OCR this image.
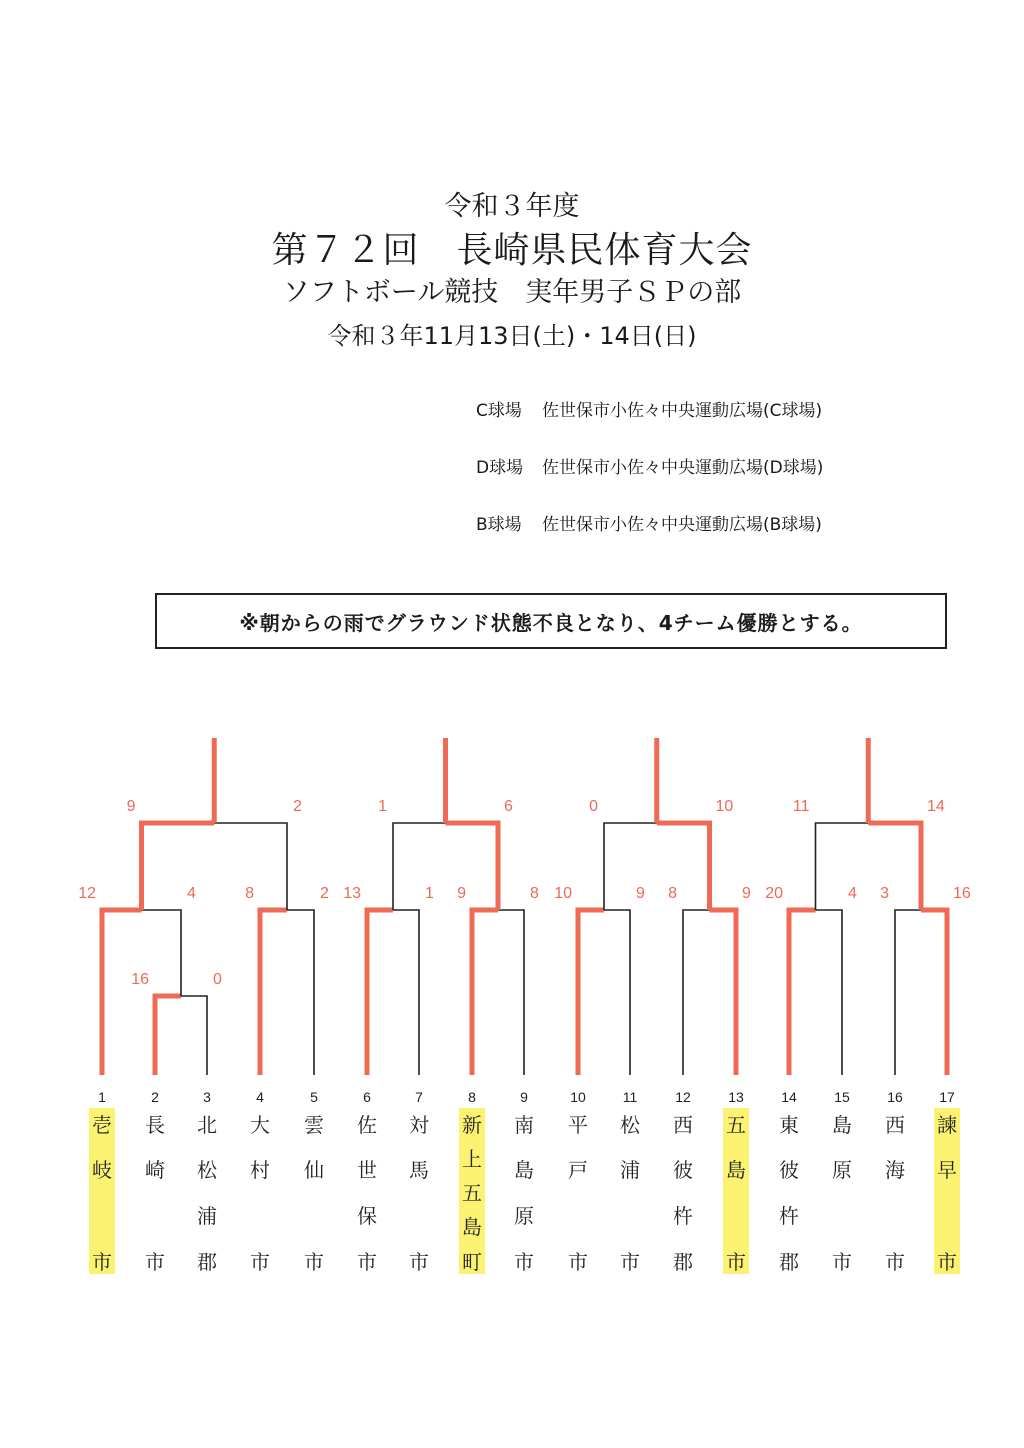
令和３年度
第７２回　長崎県民体育大会
ソフトボール競技　実年男子ＳＰの部
令和３年11月13日(土)・14日(日)
C球場 佐世保市小佐々中央運動広場(C球場)
D球場 佐世保市小佐々中央運動広場(D球場)
B球場 佐世保市小佐々中央運動広場(B球場)
※朝からの雨でグラウンド状態不良となり、4チーム優勝とする。
16	0
12	4	8	2
9	2
13	1 9	8
1	6
10	9 8	9
0	10
20	4 3	16
11	14
1	2	3	4	5	6	7	8	9	10	11	12	13	14	15	16	17
壱
岐
市
長
崎
市
北
松
浦
郡
大
村
市
雲
仙
市
佐
世
保
市
対
馬
市
新
上
五
島
町
南
島
原
市
平
戸
市
松
浦
市
西
彼
杵
郡
五
島
市
東
彼
杵
郡
島
原
市
西
海
市
諫
早
市
